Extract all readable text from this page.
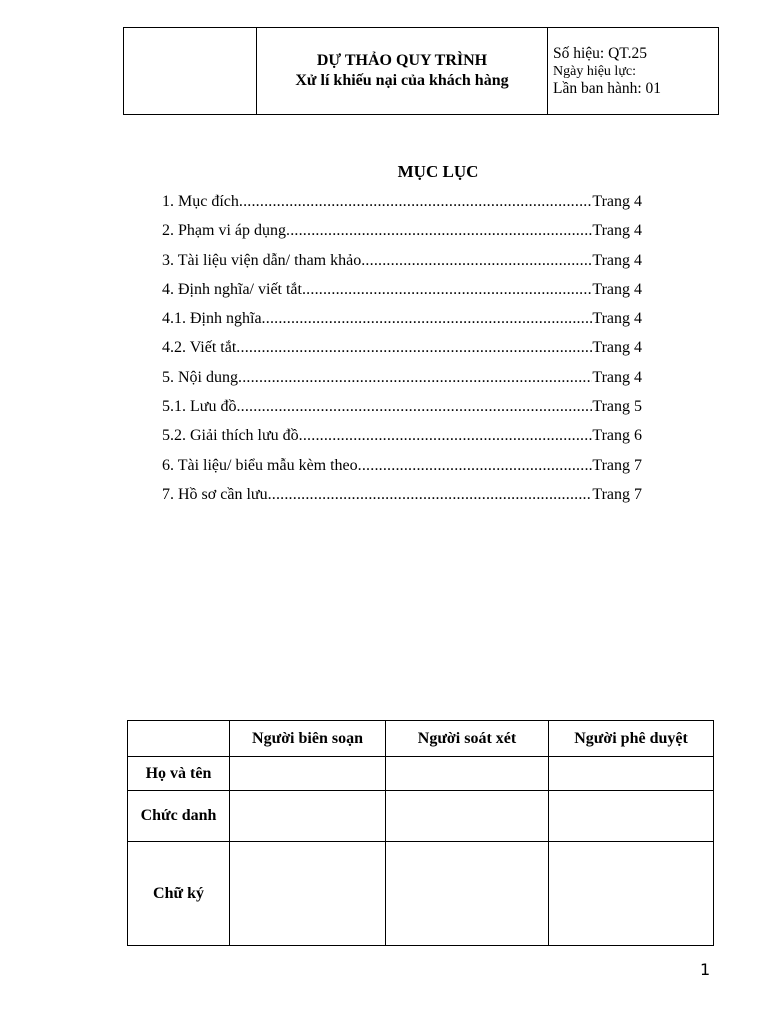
DỰ THẢO QUY TRÌNH
Xử lí khiếu nại của khách hàng

Số hiệu: QT.25
Ngày hiệu lực:
Lần ban hành: 01
MỤC LỤC
1. Mục đích .....	Trang 4
2. Phạm vi áp dụng .....	Trang 4
3. Tài liệu viện dẫn/ tham khảo .....	Trang 4
4. Định nghĩa/ viết tắt .....	Trang 4
4.1. Định nghĩa .....	Trang 4
4.2. Viết tắt .....	Trang 4
5. Nội dung .....	Trang 4
5.1. Lưu đồ .....	Trang 5
5.2. Giải thích lưu đồ .....	Trang 6
6. Tài liệu/ biểu mẫu kèm theo .....	Trang 7
7. Hồ sơ cần lưu .....	Trang 7
	Người biên soạn	Người soát xét	Người phê duyệt
Họ và tên			
Chức danh			
Chữ ký			
1
